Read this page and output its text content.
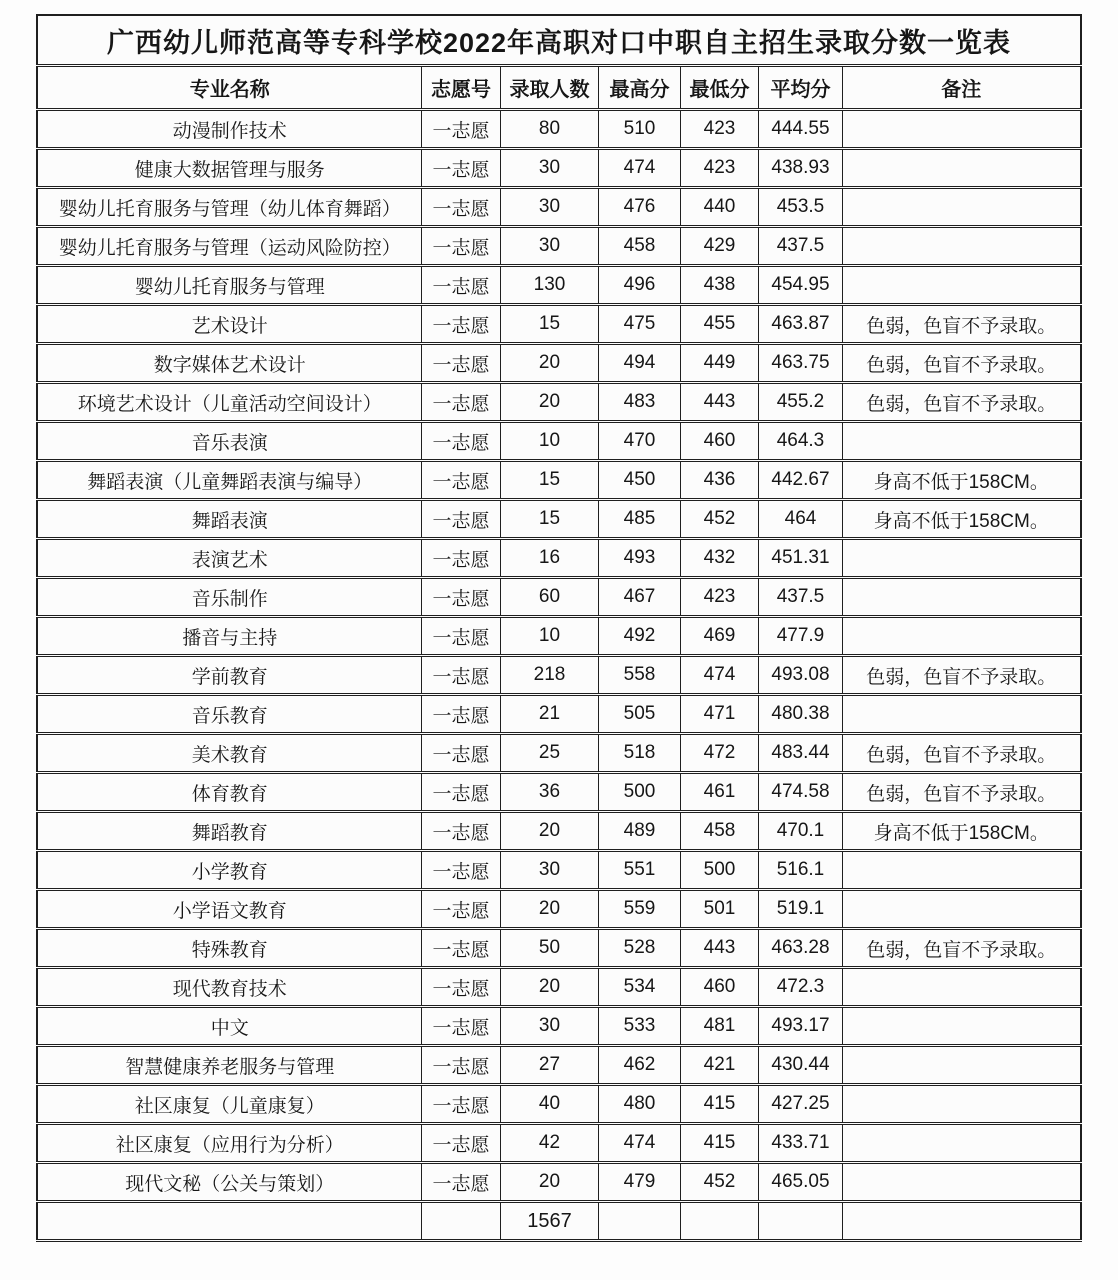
广西幼儿师范高等专科学校2022年高职对口中职自主招生录取分数一览表						
专业名称	志愿号	录取人数	最高分	最低分	平均分	备注
动漫制作技术	一志愿	80	510	423	444.55	
健康大数据管理与服务	一志愿	30	474	423	438.93	
婴幼儿托育服务与管理（幼儿体育舞蹈）	一志愿	30	476	440	453.5	
婴幼儿托育服务与管理（运动风险防控）	一志愿	30	458	429	437.5	
婴幼儿托育服务与管理	一志愿	130	496	438	454.95	
艺术设计	一志愿	15	475	455	463.87	色弱，色盲不予录取。
数字媒体艺术设计	一志愿	20	494	449	463.75	色弱，色盲不予录取。
环境艺术设计（儿童活动空间设计）	一志愿	20	483	443	455.2	色弱，色盲不予录取。
音乐表演	一志愿	10	470	460	464.3	
舞蹈表演（儿童舞蹈表演与编导）	一志愿	15	450	436	442.67	身高不低于158CM。
舞蹈表演	一志愿	15	485	452	464	身高不低于158CM。
表演艺术	一志愿	16	493	432	451.31	
音乐制作	一志愿	60	467	423	437.5	
播音与主持	一志愿	10	492	469	477.9	
学前教育	一志愿	218	558	474	493.08	色弱，色盲不予录取。
音乐教育	一志愿	21	505	471	480.38	
美术教育	一志愿	25	518	472	483.44	色弱，色盲不予录取。
体育教育	一志愿	36	500	461	474.58	色弱，色盲不予录取。
舞蹈教育	一志愿	20	489	458	470.1	身高不低于158CM。
小学教育	一志愿	30	551	500	516.1	
小学语文教育	一志愿	20	559	501	519.1	
特殊教育	一志愿	50	528	443	463.28	色弱，色盲不予录取。
现代教育技术	一志愿	20	534	460	472.3	
中文	一志愿	30	533	481	493.17	
智慧健康养老服务与管理	一志愿	27	462	421	430.44	
社区康复（儿童康复）	一志愿	40	480	415	427.25	
社区康复（应用行为分析）	一志愿	42	474	415	433.71	
现代文秘（公关与策划）	一志愿	20	479	452	465.05	
		1567				
